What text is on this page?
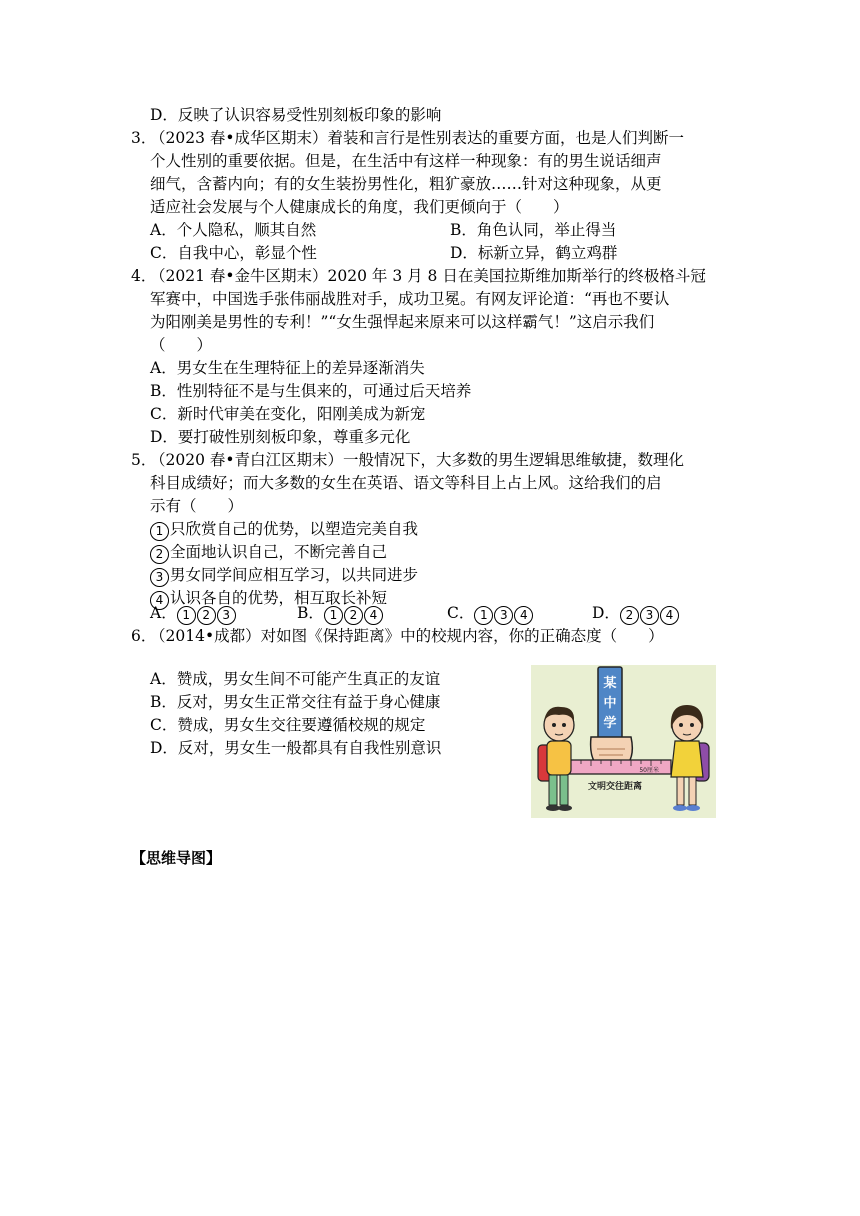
D．反映了认识容易受性别刻板印象的影响
3．
（2023 春•成华区期末）着装和言行是性别表达的重要方面，也是人们判断一
个人性别的重要依据。但是，在生活中有这样一种现象：有的男生说话细声
细气，含蓄内向；有的女生装扮男性化，粗犷豪放……针对这种现象，从更
适应社会发展与个人健康成长的角度，我们更倾向于（　　）
A．个人隐私，顺其自然	B．角色认同，举止得当
C．自我中心，彰显个性	D．标新立异，鹤立鸡群
4．
（2021 春•金牛区期末）2020 年 3 月 8 日在美国拉斯维加斯举行的终极格斗冠
军赛中，中国选手张伟丽战胜对手，成功卫冕。有网友评论道：“再也不要认
为阳刚美是男性的专利！”“女生强悍起来原来可以这样霸气！”这启示我们
（　　）
A．男女生在生理特征上的差异逐渐消失
B．性别特征不是与生俱来的，可通过后天培养
C．新时代审美在变化，阳刚美成为新宠
D．要打破性别刻板印象，尊重多元化
5．
（2020 春•青白江区期末）一般情况下，大多数的男生逻辑思维敏捷，数理化
科目成绩好；而大多数的女生在英语、语文等科目上占上风。这给我们的启
示有（　　）
1 只欣赏自己的优势，以塑造完美自我
2 全面地认识自己，不断完善自己
3 男女同学间应相互学习，以共同进步
4 认识各自的优势，相互取长补短
A． 1 2 3	B． 1 2 4	C． 1 3 4	D． 2 3 4
6．
（2014•成都）对如图《保持距离》中的校规内容，你的正确态度（　　）
A．赞成，男女生间不可能产生真正的友谊
B．反对，男女生正常交往有益于身心健康
C．赞成，男女生交往要遵循校规的规定
D．反对，男女生一般都具有自我性别意识
某
中
学
50厘米
文明交往距离
【思维导图】
